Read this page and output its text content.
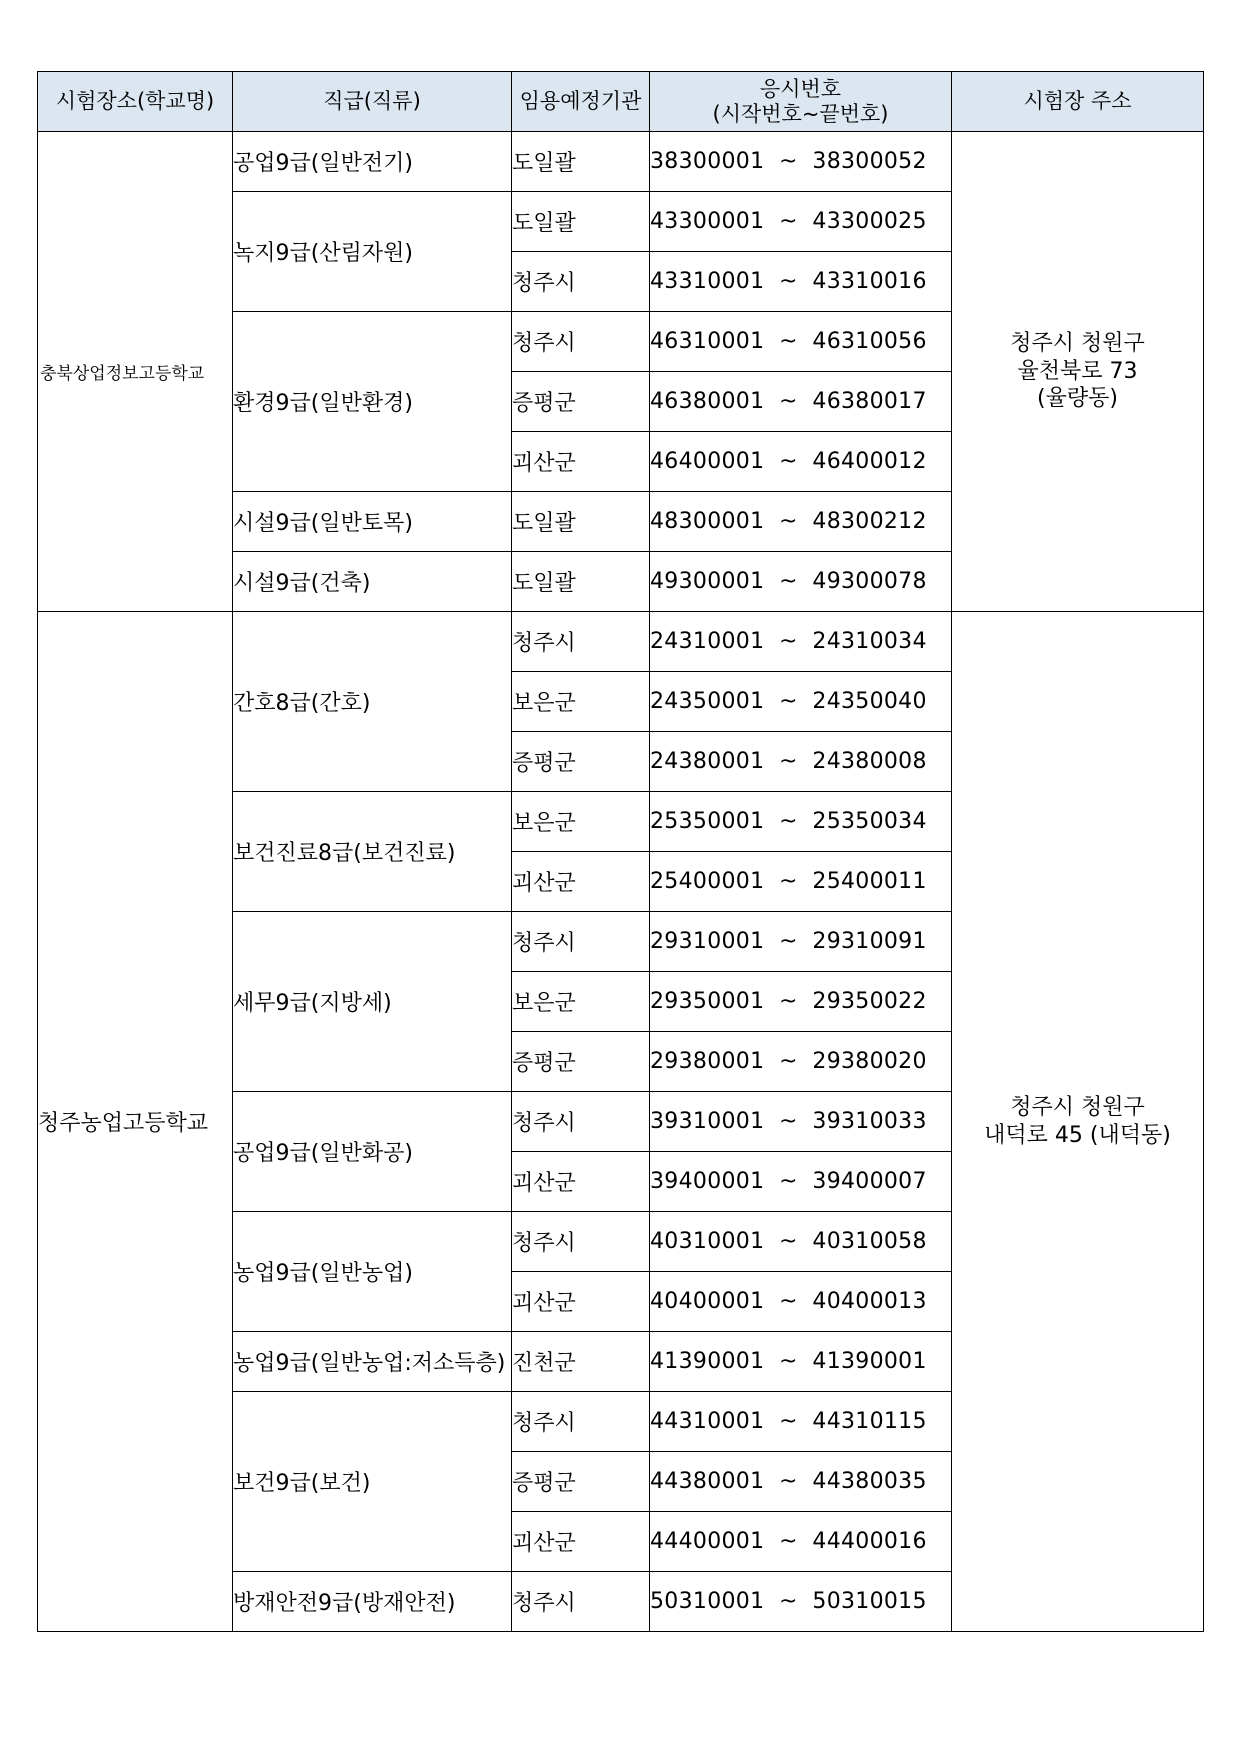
시험장소(학교명)	직급(직류)	임용예정기관	응시번호
(시작번호~끝번호)	시험장 주소
충북상업정보고등학교	공업9급(일반전기)	도일괄	38300001 ~ 38300052	청주시 청원구
율천북로 73
(율량동)

	녹지9급(산림자원)	도일괄	43300001 ~ 43300025	
		청주시	43310001 ~ 43310016	
	환경9급(일반환경)	청주시	46310001 ~ 46310056	
		증평군	46380001 ~ 46380017	
		괴산군	46400001 ~ 46400012	
	시설9급(일반토목)	도일괄	48300001 ~ 48300212	
	시설9급(건축)	도일괄	49300001 ~ 49300078	
청주농업고등학교	간호8급(간호)	청주시	24310001 ~ 24310034	청주시 청원구
내덕로 45 (내덕동)

		보은군	24350001 ~ 24350040	
		증평군	24380001 ~ 24380008	
	보건진료8급(보건진료)	보은군	25350001 ~ 25350034	
		괴산군	25400001 ~ 25400011	
	세무9급(지방세)	청주시	29310001 ~ 29310091	
		보은군	29350001 ~ 29350022	
		증평군	29380001 ~ 29380020	
	공업9급(일반화공)	청주시	39310001 ~ 39310033	
		괴산군	39400001 ~ 39400007	
	농업9급(일반농업)	청주시	40310001 ~ 40310058	
		괴산군	40400001 ~ 40400013	
	농업9급(일반농업:저소득층)	진천군	41390001 ~ 41390001	
	보건9급(보건)	청주시	44310001 ~ 44310115	
		증평군	44380001 ~ 44380035	
		괴산군	44400001 ~ 44400016	
	방재안전9급(방재안전)	청주시	50310001 ~ 50310015	
